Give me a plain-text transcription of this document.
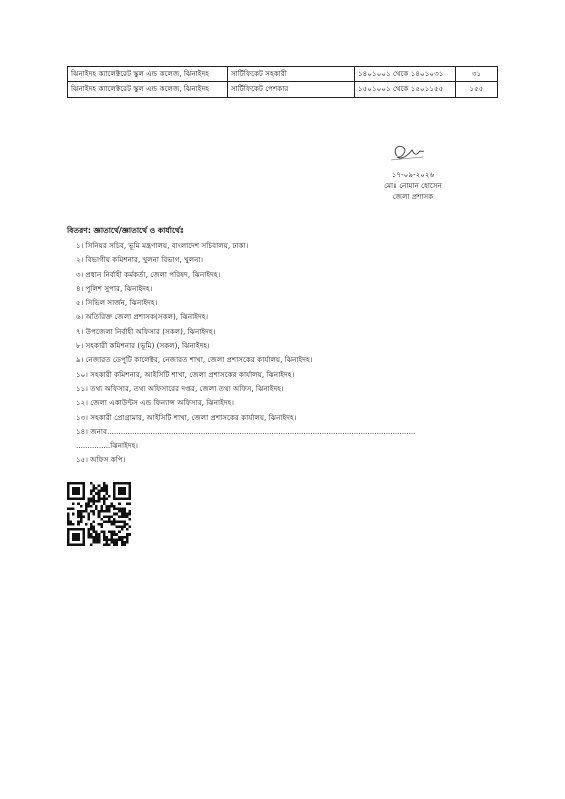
ঝিনাইদহ ক্যালেক্টরেট স্কুল এন্ড কলেজ, ঝিনাইদহ	সার্টিফিকেট সহকারী	১৪০১০০১ থেকে ১৪০১০৩১	৩১
ঝিনাইদহ ক্যালেক্টরেট স্কুল এন্ড কলেজ, ঝিনাইদহ	সার্টিফিকেট পেশকার	১৫০১০০১ থেকে ১৫০১১৫৫	১৫৫
১৭-০৯-২০২৬
মোঃ নোমান হোসেন
জেলা প্রশাসক
বিতরণ: জ্ঞাতার্থে/জ্ঞাতার্থে ও কার্যার্থেঃ
১। সিনিয়র সচিব, ভূমি মন্ত্রণালয়, বাংলাদেশ সচিবালয়, ঢাকা।
২। বিভাগীয় কমিশনার, খুলনা বিভাগ, খুলনা।
৩। প্রধান নির্বাহী কর্মকর্তা, জেলা পরিষদ, ঝিনাইদহ।
৪। পুলিশ সুপার, ঝিনাইদহ।
৫। সিভিল সার্জন, ঝিনাইদহ।
৬। অতিরিক্ত জেলা প্রশাসক(সকল), ঝিনাইদহ।
৭। উপজেলা নির্বাহী অফিসার (সকল), ঝিনাইদহ।
৮। সহকারী কমিশনার (ভূমি) (সকল), ঝিনাইদহ।
৯। নেজারত ডেপুটি কালেক্টর, নেজারত শাখা, জেলা প্রশাসকের কার্যালয়, ঝিনাইদহ।
১০। সহকারী কমিশনার, আইসিটি শাখা, জেলা প্রশাসকের কার্যালয়, ঝিনাইদহ।
১১। তথ্য অফিসার, তথ্য অফিসারের দপ্তর, জেলা তথ্য অফিস, ঝিনাইদহ।
১২। জেলা একাউন্টস এন্ড ফিন্যান্স অফিসার, ঝিনাইদহ।
১৩। সহকারী প্রোগ্রামার, আইসিটি শাখা, জেলা প্রশাসকের কার্যালয়, ঝিনাইদহ।
১৪। জনাব.......................................................................................................................................
...............ঝিনাইদহ।
১৫। অফিস কপি।
